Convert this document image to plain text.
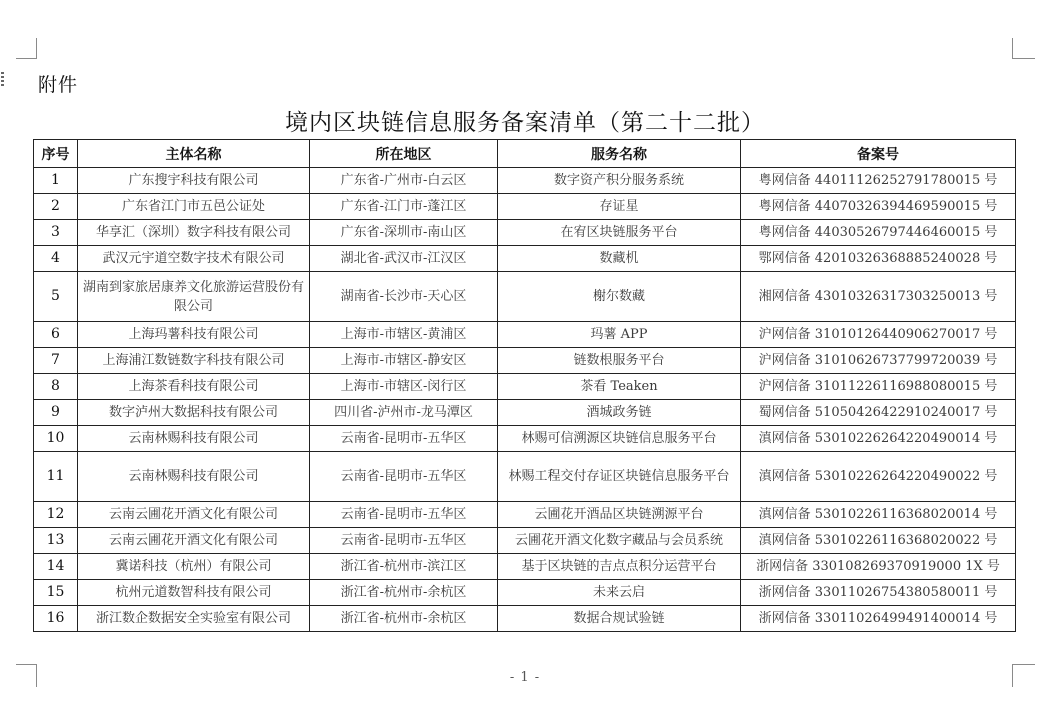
附件
境内区块链信息服务备案清单（第二十二批）
序号	主体名称	所在地区	服务名称	备案号
1	广东搜宇科技有限公司	广东省-广州市-白云区	数字资产积分服务系统	粤网信备 44011126252791780015 号
2	广东省江门市五邑公证处	广东省-江门市-蓬江区	存证星	粤网信备 44070326394469590015 号
3	华享汇（深圳）数字科技有限公司	广东省-深圳市-南山区	在宥区块链服务平台	粤网信备 44030526797446460015 号
4	武汉元宇道空数字技术有限公司	湖北省-武汉市-江汉区	数藏机	鄂网信备 42010326368885240028 号
5	湖南到家旅居康养文化旅游运营股份有限公司	湖南省-长沙市-天心区	榭尔数藏	湘网信备 43010326317303250013 号
6	上海玛薯科技有限公司	上海市-市辖区-黄浦区	玛薯 APP	沪网信备 31010126440906270017 号
7	上海浦江数链数字科技有限公司	上海市-市辖区-静安区	链数根服务平台	沪网信备 31010626737799720039 号
8	上海茶看科技有限公司	上海市-市辖区-闵行区	茶看 Teaken	沪网信备 31011226116988080015 号
9	数字泸州大数据科技有限公司	四川省-泸州市-龙马潭区	酒城政务链	蜀网信备 51050426422910240017 号
10	云南林赐科技有限公司	云南省-昆明市-五华区	林赐可信溯源区块链信息服务平台	滇网信备 53010226264220490014 号
11	云南林赐科技有限公司	云南省-昆明市-五华区	林赐工程交付存证区块链信息服务平台	滇网信备 53010226264220490022 号
12	云南云圃花开酒文化有限公司	云南省-昆明市-五华区	云圃花开酒品区块链溯源平台	滇网信备 53010226116368020014 号
13	云南云圃花开酒文化有限公司	云南省-昆明市-五华区	云圃花开酒文化数字藏品与会员系统	滇网信备 53010226116368020022 号
14	冀诺科技（杭州）有限公司	浙江省-杭州市-滨江区	基于区块链的吉点点积分运营平台	浙网信备 330108269370919000 1X 号
15	杭州元道数智科技有限公司	浙江省-杭州市-余杭区	未来云启	浙网信备 33011026754380580011 号
16	浙江数企数据安全实验室有限公司	浙江省-杭州市-余杭区	数据合规试验链	浙网信备 33011026499491400014 号
- 1 -
